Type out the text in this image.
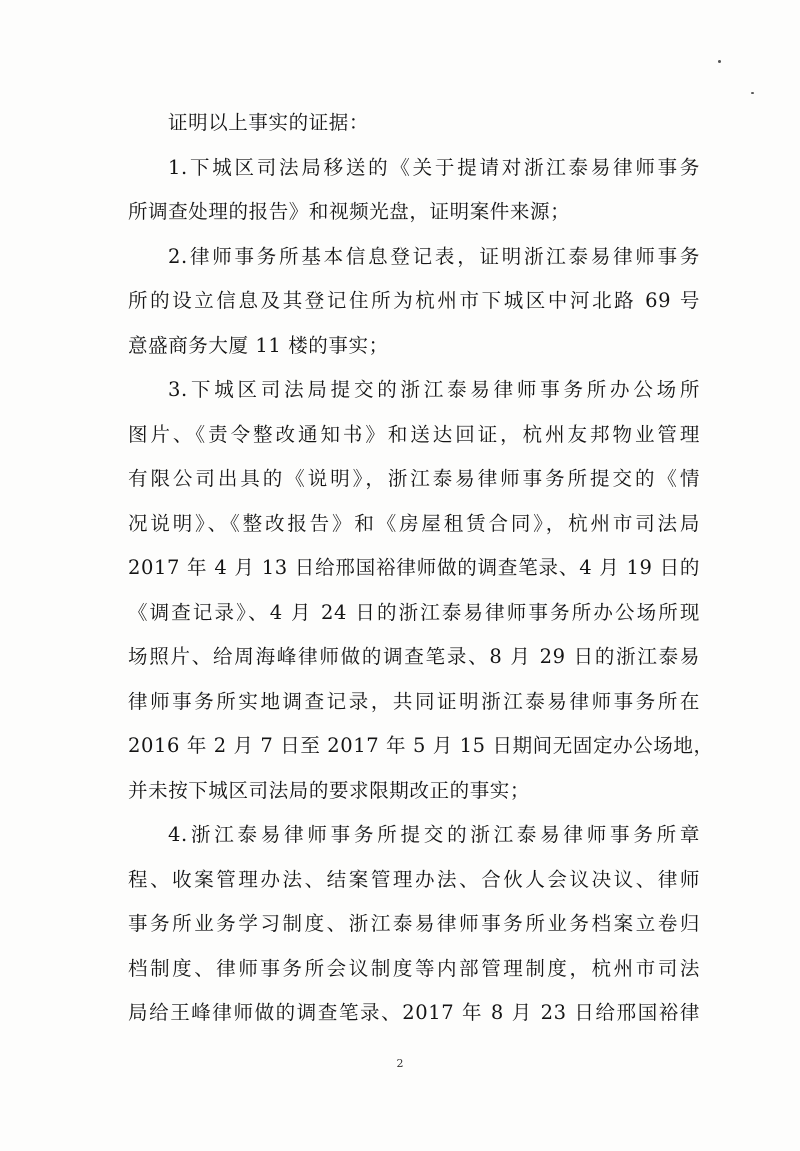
证明以上事实的证据：
1.下城区司法局移送的《关于提请对浙江泰易律师事务
所调查处理的报告》和视频光盘，证明案件来源；
2.律师事务所基本信息登记表，证明浙江泰易律师事务
所的设立信息及其登记住所为杭州市下城区中河北路 69 号
意盛商务大厦 11 楼的事实；
3.下城区司法局提交的浙江泰易律师事务所办公场所
图片、《责令整改通知书》和送达回证，杭州友邦物业管理
有限公司出具的《说明》，浙江泰易律师事务所提交的《情
况说明》、《整改报告》和《房屋租赁合同》，杭州市司法局
2017 年 4 月 13 日给邢国裕律师做的调查笔录、4 月 19 日的
《调查记录》、4 月 24 日的浙江泰易律师事务所办公场所现
场照片、给周海峰律师做的调查笔录、8 月 29 日的浙江泰易
律师事务所实地调查记录，共同证明浙江泰易律师事务所在
2016 年 2 月 7 日至 2017 年 5 月 15 日期间无固定办公场地，
并未按下城区司法局的要求限期改正的事实；
4.浙江泰易律师事务所提交的浙江泰易律师事务所章
程、收案管理办法、结案管理办法、合伙人会议决议、律师
事务所业务学习制度、浙江泰易律师事务所业务档案立卷归
档制度、律师事务所会议制度等内部管理制度，杭州市司法
局给王峰律师做的调查笔录、2017 年 8 月 23 日给邢国裕律
2
